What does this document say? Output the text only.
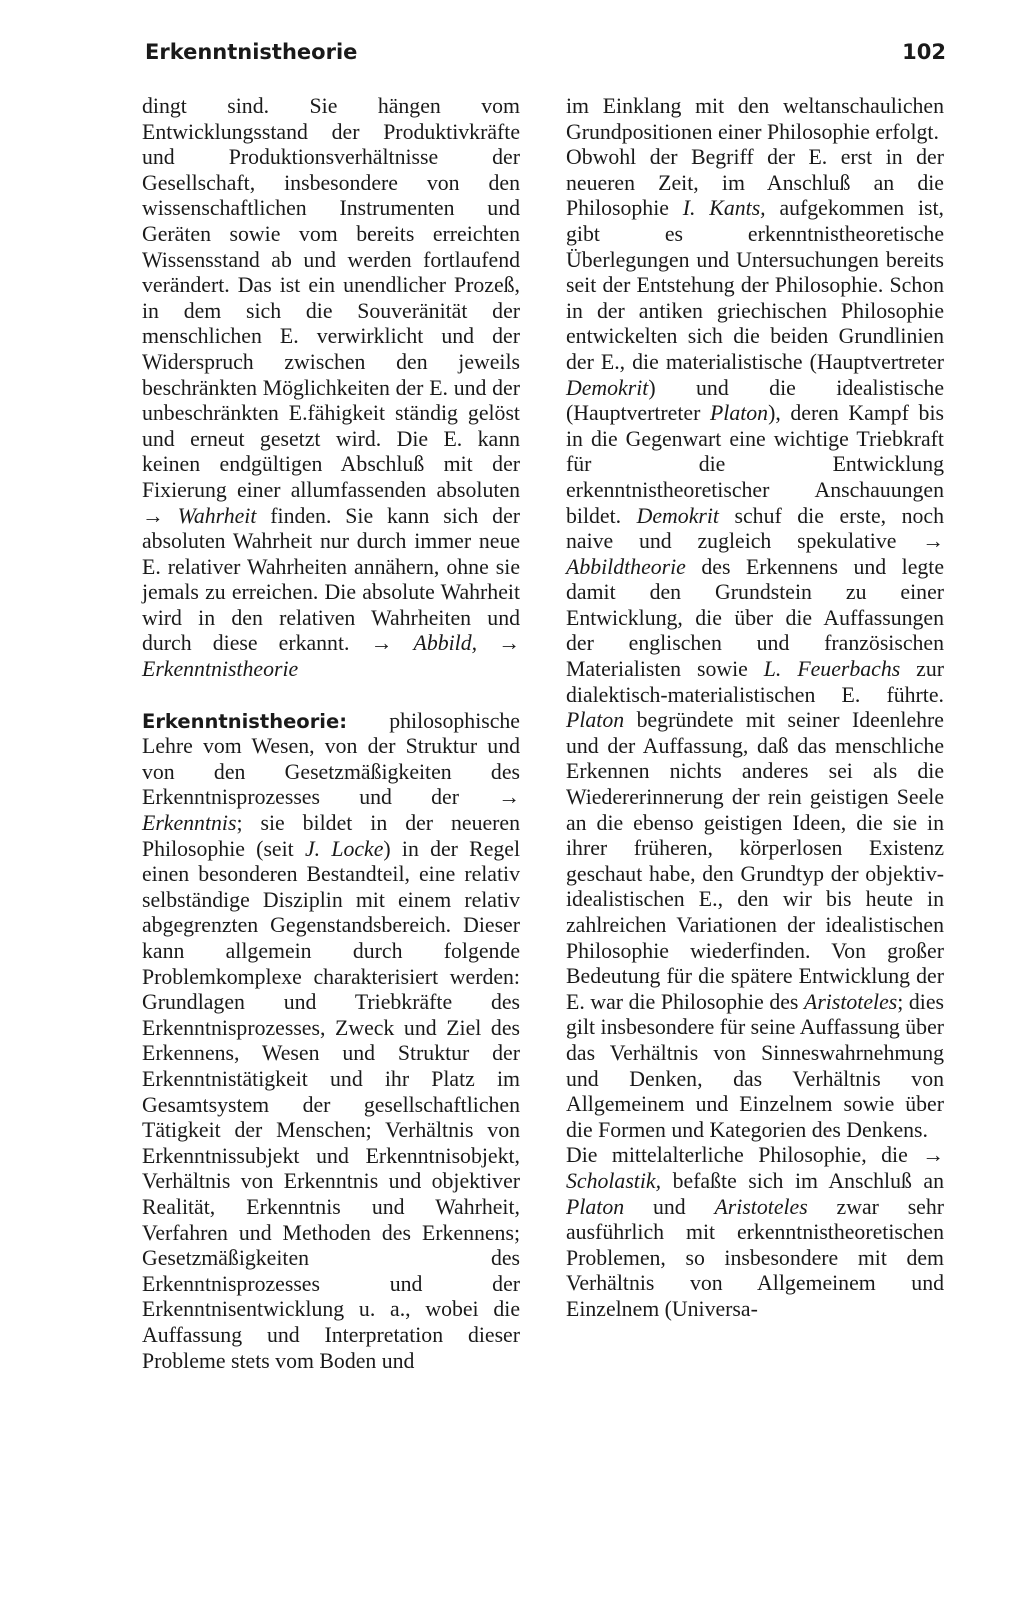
Erkenntnistheorie	102

dingt sind. Sie hängen vom Entwicklungsstand der Produktivkräfte und Produktionsverhältnisse der Gesellschaft, insbesondere von den wissenschaftlichen Instrumenten und Geräten sowie vom bereits erreichten Wissensstand ab und werden fortlaufend verändert. Das ist ein unendlicher Prozeß, in dem sich die Souveränität der menschlichen E. verwirklicht und der Widerspruch zwischen den jeweils beschränkten Möglichkeiten der E. und der unbeschränkten E.fähigkeit ständig gelöst und erneut gesetzt wird. Die E. kann keinen endgültigen Abschluß mit der Fixierung einer allumfassenden absoluten → Wahrheit finden. Sie kann sich der absoluten Wahrheit nur durch immer neue E. relativer Wahrheiten annähern, ohne sie jemals zu erreichen. Die absolute Wahrheit wird in den relativen Wahrheiten und durch diese erkannt. → Abbild, → Erkenntnistheorie

Erkenntnistheorie: philosophische Lehre vom Wesen, von der Struktur und von den Gesetzmäßigkeiten des Erkenntnisprozesses und der → Erkenntnis; sie bildet in der neueren Philosophie (seit J. Locke) in der Regel einen besonderen Bestandteil, eine relativ selbständige Disziplin mit einem relativ abgegrenzten Gegenstandsbereich. Dieser kann allgemein durch folgende Problemkomplexe charakterisiert werden: Grundlagen und Triebkräfte des Erkenntnisprozesses, Zweck und Ziel des Erkennens, Wesen und Struktur der Erkenntnistätigkeit und ihr Platz im Gesamtsystem der gesellschaftlichen Tätigkeit der Menschen; Verhältnis von Erkenntnissubjekt und Erkenntnisobjekt, Verhältnis von Erkenntnis und objektiver Realität, Erkenntnis und Wahrheit, Verfahren und Methoden des Erkennens; Gesetzmäßigkeiten des Erkenntnisprozesses und der Erkenntnisentwicklung u. a., wobei die Auffassung und Interpretation dieser Probleme stets vom Boden und

im Einklang mit den weltanschaulichen Grundpositionen einer Philosophie erfolgt.

Obwohl der Begriff der E. erst in der neueren Zeit, im Anschluß an die Philosophie I. Kants, aufgekommen ist, gibt es erkenntnistheoretische Überlegungen und Untersuchungen bereits seit der Entstehung der Philosophie. Schon in der antiken griechischen Philosophie entwickelten sich die beiden Grundlinien der E., die materialistische (Hauptvertreter Demokrit) und die idealistische (Hauptvertreter Platon), deren Kampf bis in die Gegenwart eine wichtige Triebkraft für die Entwicklung erkenntnistheoretischer Anschauungen bildet. Demokrit schuf die erste, noch naive und zugleich spekulative → Abbildtheorie des Erkennens und legte damit den Grundstein zu einer Entwicklung, die über die Auffassungen der englischen und französischen Materialisten sowie L. Feuerbachs zur dialektisch-materialistischen E. führte. Platon begründete mit seiner Ideenlehre und der Auffassung, daß das menschliche Erkennen nichts anderes sei als die Wiedererinnerung der rein geistigen Seele an die ebenso geistigen Ideen, die sie in ihrer früheren, körperlosen Existenz geschaut habe, den Grundtyp der objektiv-idealistischen E., den wir bis heute in zahlreichen Variationen der idealistischen Philosophie wiederfinden. Von großer Bedeutung für die spätere Entwicklung der E. war die Philosophie des Aristoteles; dies gilt insbesondere für seine Auffassung über das Verhältnis von Sinneswahrnehmung und Denken, das Verhältnis von Allgemeinem und Einzelnem sowie über die Formen und Kategorien des Denkens.

Die mittelalterliche Philosophie, die → Scholastik, befaßte sich im Anschluß an Platon und Aristoteles zwar sehr ausführlich mit erkenntnistheoretischen Problemen, so insbesondere mit dem Verhältnis von Allgemeinem und Einzelnem (Universa-
